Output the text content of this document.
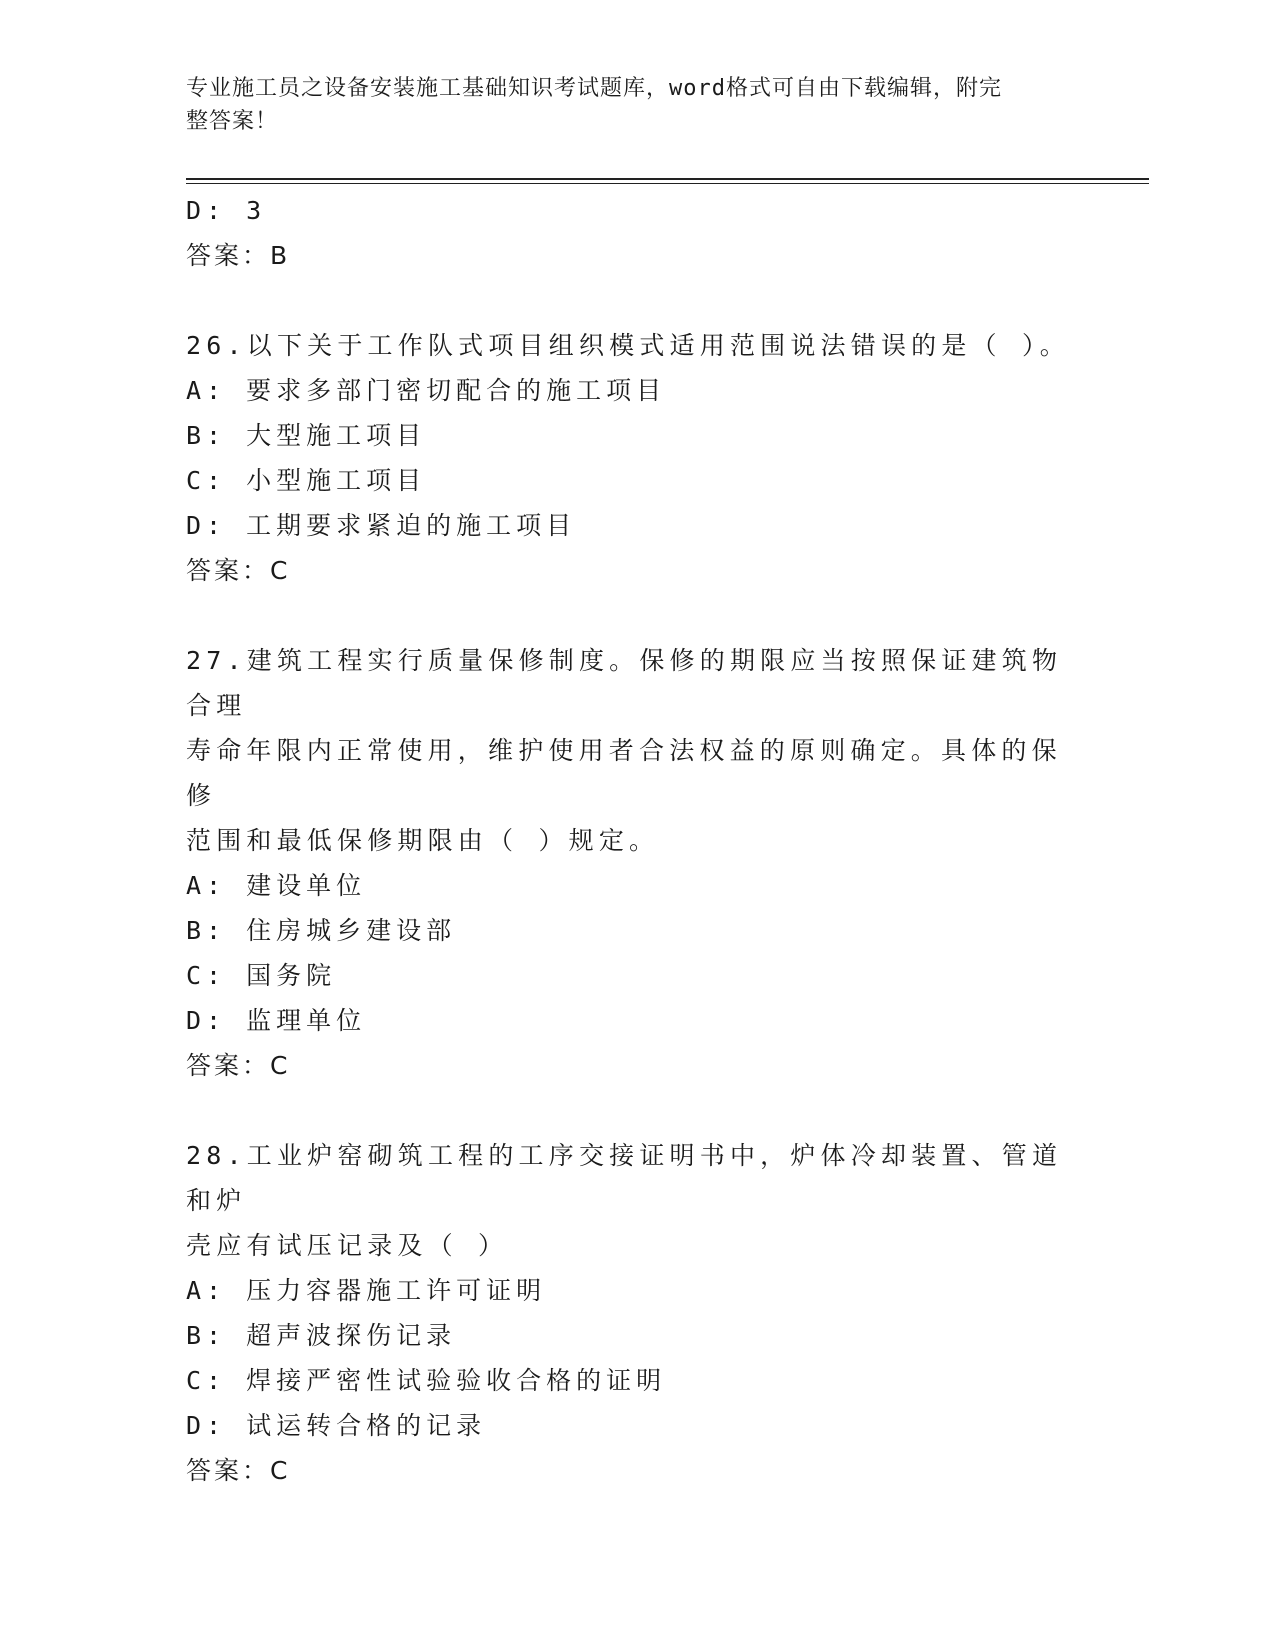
专业施工员之设备安装施工基础知识考试题库，word格式可自由下载编辑，附完
整答案！
D: 3
答案：B
26.以下关于工作队式项目组织模式适用范围说法错误的是（ ）。
A: 要求多部门密切配合的施工项目
B: 大型施工项目
C: 小型施工项目
D: 工期要求紧迫的施工项目
答案：C
27.建筑工程实行质量保修制度。保修的期限应当按照保证建筑物合理
寿命年限内正常使用，维护使用者合法权益的原则确定。具体的保修
范围和最低保修期限由（ ）规定。
A: 建设单位
B: 住房城乡建设部
C: 国务院
D: 监理单位
答案：C
28.工业炉窑砌筑工程的工序交接证明书中，炉体冷却装置、管道和炉
壳应有试压记录及（ ）
A: 压力容器施工许可证明
B: 超声波探伤记录
C: 焊接严密性试验验收合格的证明
D: 试运转合格的记录
答案：C
